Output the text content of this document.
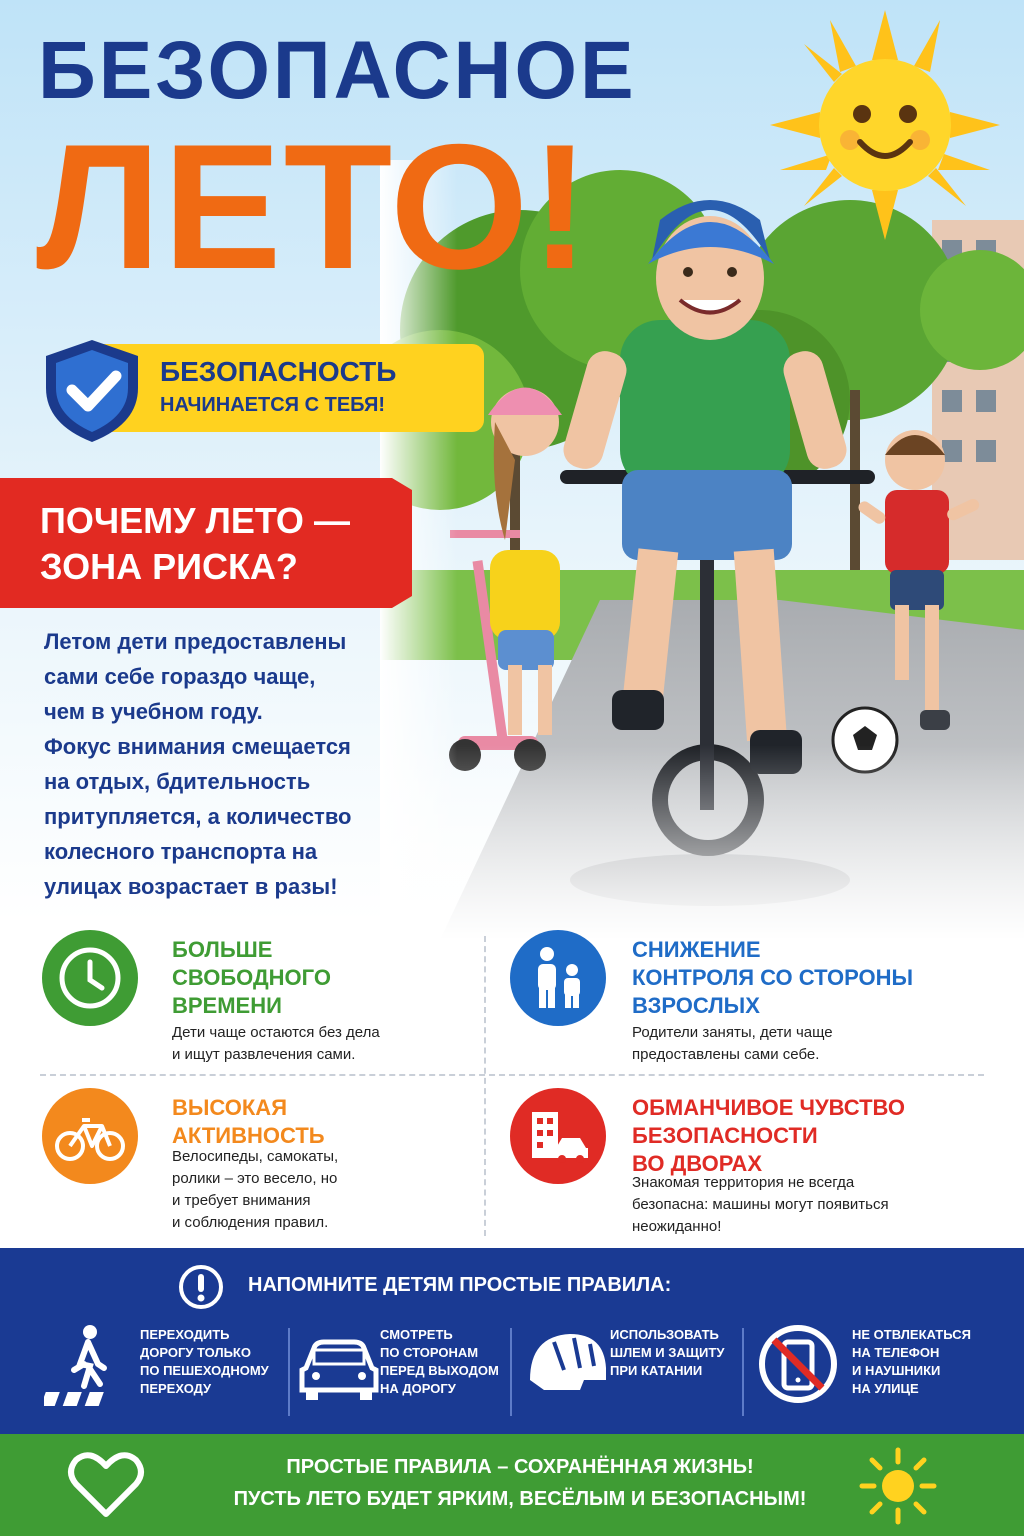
БЕЗОПАСНОЕ
ЛЕТО!
БЕЗОПАСНОСТЬ
НАЧИНАЕТСЯ С ТЕБЯ!
ПОЧЕМУ ЛЕТО —
ЗОНА РИСКА?
Летом дети предоставлены
сами себе гораздо чаще,
чем в учебном году.
Фокус внимания смещается
на отдых, бдительность
притупляется, а количество
колесного транспорта на
улицах возрастает в разы!
БОЛЬШЕ
СВОБОДНОГО
ВРЕМЕНИ
Дети чаще остаются без дела
и ищут развлечения сами.
СНИЖЕНИЕ
КОНТРОЛЯ СО СТОРОНЫ
ВЗРОСЛЫХ
Родители заняты, дети чаще
предоставлены сами себе.
ВЫСОКАЯ
АКТИВНОСТЬ
Велосипеды, самокаты,
ролики – это весело, но
и требует внимания
и соблюдения правил.
ОБМАНЧИВОЕ ЧУВСТВО
БЕЗОПАСНОСТИ
ВО ДВОРАХ
Знакомая территория не всегда
безопасна: машины могут появиться
неожиданно!
НАПОМНИТЕ ДЕТЯМ ПРОСТЫЕ ПРАВИЛА:
ПЕРЕХОДИТЬ
ДОРОГУ ТОЛЬКО
ПО ПЕШЕХОДНОМУ
ПЕРЕХОДУ
СМОТРЕТЬ
ПО СТОРОНАМ
ПЕРЕД ВЫХОДОМ
НА ДОРОГУ
ИСПОЛЬЗОВАТЬ
ШЛЕМ И ЗАЩИТУ
ПРИ КАТАНИИ
НЕ ОТВЛЕКАТЬСЯ
НА ТЕЛЕФОН
И НАУШНИКИ
НА УЛИЦЕ
ПРОСТЫЕ ПРАВИЛА – СОХРАНЁННАЯ ЖИЗНЬ!
ПУСТЬ ЛЕТО БУДЕТ ЯРКИМ, ВЕСЁЛЫМ И БЕЗОПАСНЫМ!
